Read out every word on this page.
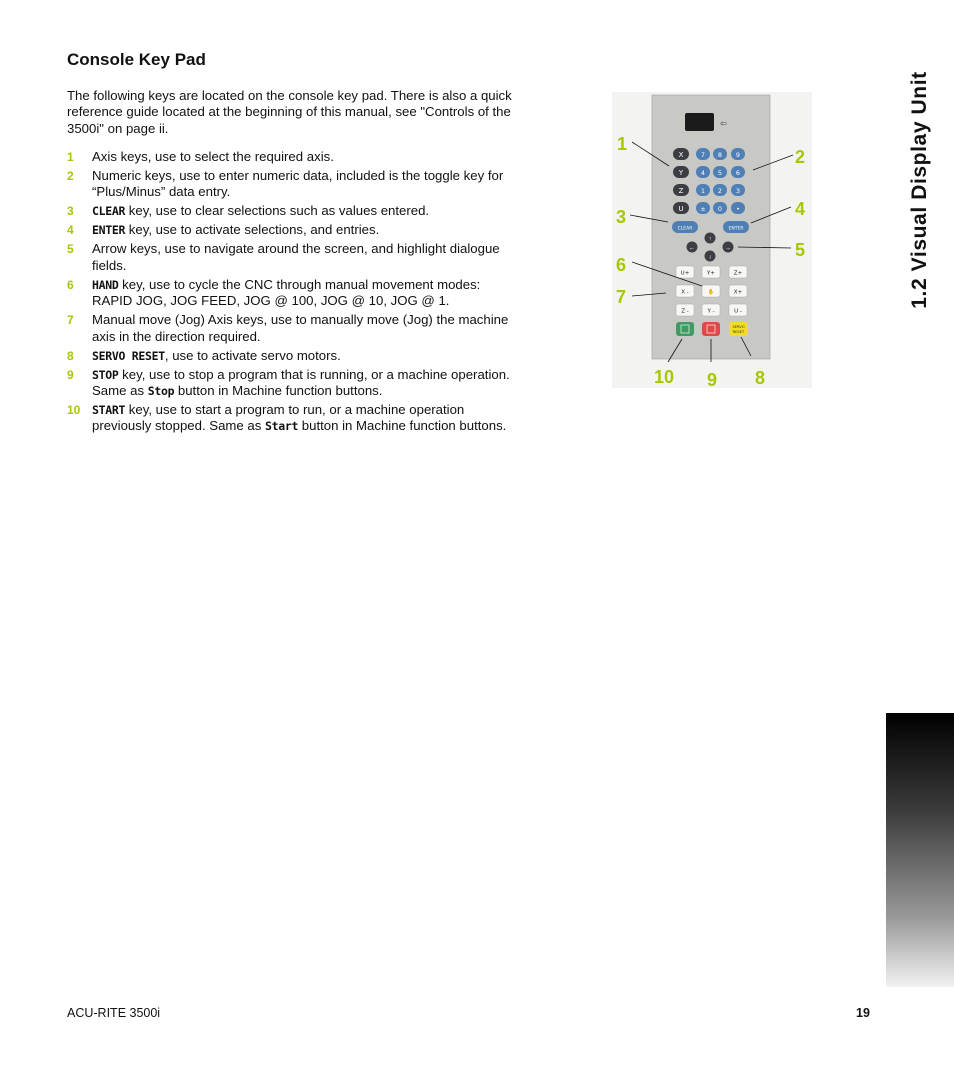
Console Key Pad

The following keys are located on the console key pad. There is also a quick reference guide located at the beginning of this manual, see "Controls of the 3500i" on page ii.

1	Axis keys, use to select the required axis.
2	Numeric keys, use to enter numeric data, included is the toggle key for “Plus/Minus” data entry.
3	CLEAR key, use to clear selections such as values entered.
4	ENTER key, use to activate selections, and entries.
5	Arrow keys, use to navigate around the screen, and highlight dialogue fields.
6	HAND key, use to cycle the CNC through manual movement modes: RAPID JOG, JOG FEED, JOG @ 100, JOG @ 10, JOG @ 1.
7	Manual move (Jog) Axis keys, use to manually move (Jog) the machine axis in the direction required.
8	SERVO RESET, use to activate servo motors.
9	STOP key, use to stop a program that is running, or a machine operation. Same as Stop button in Machine function buttons.
10	START key, use to start a program to run, or a machine operation previously stopped. Same as Start button in Machine function buttons.
⇦
X
Y
Z
U
7 8 9
4 5 6
1 2 3
± 0 •
CLEAR	ENTER
↑
←	→
↓
U+	Y+	Z+
X -	✋	X+
Z -	Y -	U -
SERVO
RESET
1
2
3	4
5
6
7
8
9
10
1.2 Visual Display Unit
ACU-RITE 3500i	19
